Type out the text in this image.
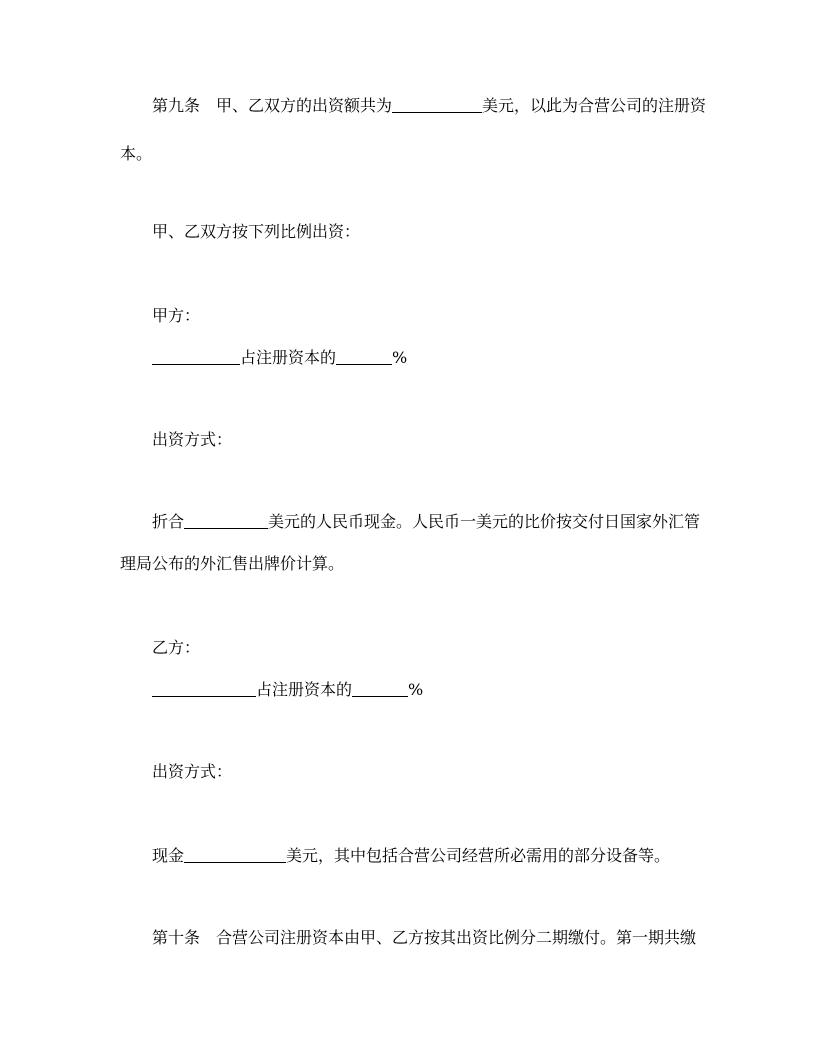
第九条 甲、乙双方的出资额共为	美元，以此为合营公司的注册资
本。
甲、乙双方按下列比例出资：
甲方：
占注册资本的	%
出资方式：
折合	美元的人民币现金。人民币一美元的比价按交付日国家外汇管
理局公布的外汇售出牌价计算。
乙方：
占注册资本的	%
出资方式：
现金	美元，其中包括合营公司经营所必需用的部分设备等。
第十条 合营公司注册资本由甲、乙方按其出资比例分二期缴付。第一期共缴
